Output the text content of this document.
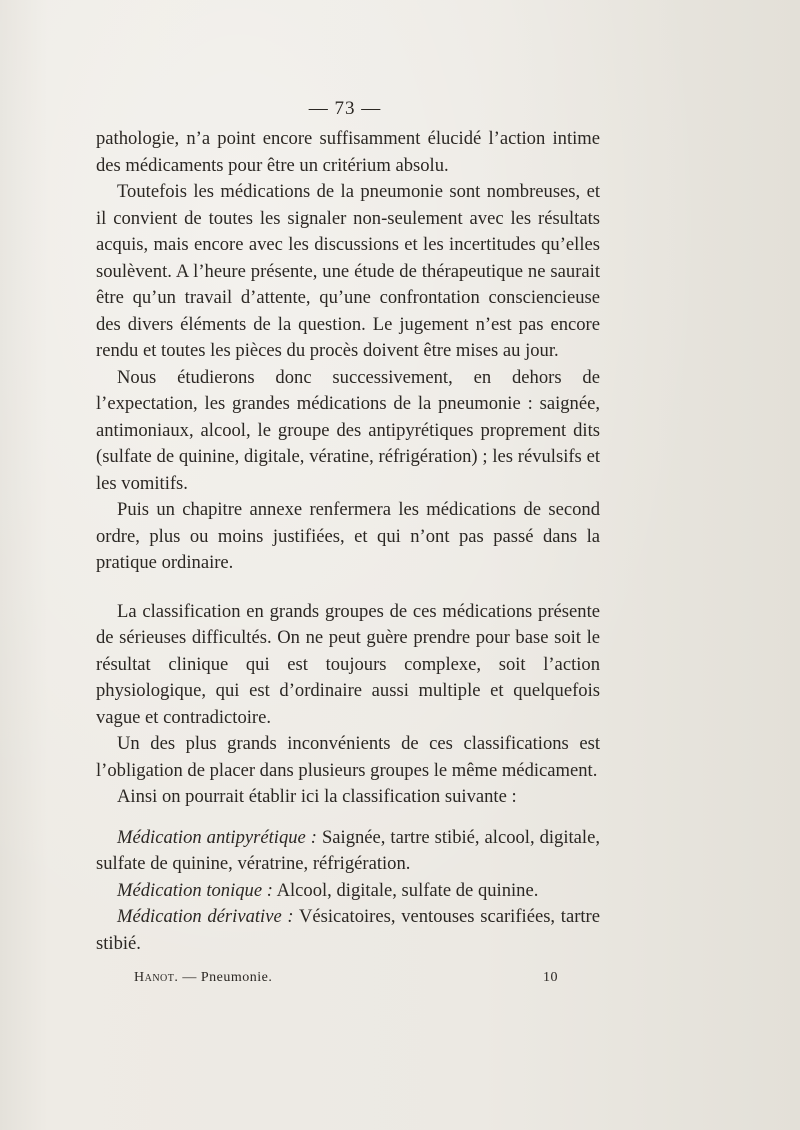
— 73 —

pathologie, n’a point encore suffisamment élucidé l’action intime des médicaments pour être un critérium absolu.

Toutefois les médications de la pneumonie sont nombreuses, et il convient de toutes les signaler non-seulement avec les résultats acquis, mais encore avec les discussions et les incertitudes qu’elles soulèvent. A l’heure présente, une étude de thérapeutique ne saurait être qu’un travail d’attente, qu’une confrontation consciencieuse des divers éléments de la question. Le jugement n’est pas encore rendu et toutes les pièces du procès doivent être mises au jour.

Nous étudierons donc successivement, en dehors de l’expectation, les grandes médications de la pneumonie : saignée, antimoniaux, alcool, le groupe des antipyrétiques proprement dits (sulfate de quinine, digitale, vératine, réfrigération) ; les révulsifs et les vomitifs.

Puis un chapitre annexe renfermera les médications de second ordre, plus ou moins justifiées, et qui n’ont pas passé dans la pratique ordinaire.

La classification en grands groupes de ces médications présente de sérieuses difficultés. On ne peut guère prendre pour base soit le résultat clinique qui est toujours complexe, soit l’action physiologique, qui est d’ordinaire aussi multiple et quelquefois vague et contradictoire.

Un des plus grands inconvénients de ces classifications est l’obligation de placer dans plusieurs groupes le même médicament.

Ainsi on pourrait établir ici la classification suivante :

Médication antipyrétique : Saignée, tartre stibié, alcool, digitale, sulfate de quinine, vératrine, réfrigération.

Médication tonique : Alcool, digitale, sulfate de quinine.

Médication dérivative : Vésicatoires, ventouses scarifiées, tartre stibié.

Hanot. — Pneumonie.	10
